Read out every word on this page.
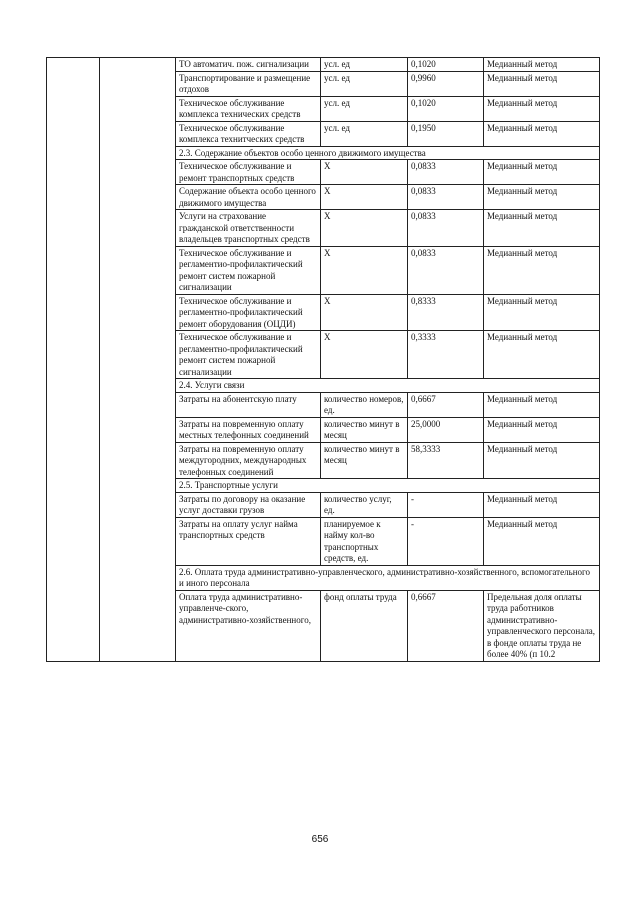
		ТО автоматич. пож. сигнализации	усл. ед	0,1020	Медианный метод
		Транспортирование и размещение отдохов	усл. ед	0,9960	Медианный метод
		Техническое обслуживание комплекса технических средств	усл. ед	0,1020	Медианный метод
		Техническое обслуживание комплекса технитческих средств	усл. ед	0,1950	Медианный метод
		2.3. Содержание объектов особо ценного движимого имущества			
		Техническое обслуживание и ремонт транспортных средств	X	0,0833	Медианный метод
		Содержание объекта особо ценного движимого имущества	X	0,0833	Медианный метод
		Услуги на страхование гражданской ответственности владельцев транспортных средств	X	0,0833	Медианный метод
		Техническое обслуживание и регламентио-профилактический ремонт систем пожарной сигнализации	X	0,0833	Медианный метод
		Техническое обслуживание и регламентно-профилактический ремонт оборудования (ОЦДИ)	X	0,8333	Медианный метод
		Техническое обслуживание и регламентно-профилактический ремонт систем пожарной сигнализации	X	0,3333	Медианный метод
		2.4. Услуги связи			
		Затраты на абонентскую плату	количество номеров, ед.	0,6667	Медианный метод
		Затраты на повременную оплату местных телефонных соединений	количество минут в месяц	25,0000	Медианный метод
		Затраты на повременную оплату междугородних, международных телефонных соединений	количество минут в месяц	58,3333	Медианный метод
		2.5. Транспортные услуги			
		Затраты по договору на оказание услуг доставки грузов	количество услуг, ед.	-	Медианный метод
		Затраты на оплату услуг найма транспортных средств	планируемое к найму кол-во транспортных средств, ед.	-	Медианный метод
		2.6. Оплата труда административно-управленческого, административно-хозяйственного, вспомогательного и иного персонала			
		Оплата труда административно-управленче-ского, административно-хозяйственного,	фонд оплаты труда	0,6667	Предельная доля оплаты труда работников административно-управленческого персонала, в фонде оплаты труда не более 40% (п 10.2
656
